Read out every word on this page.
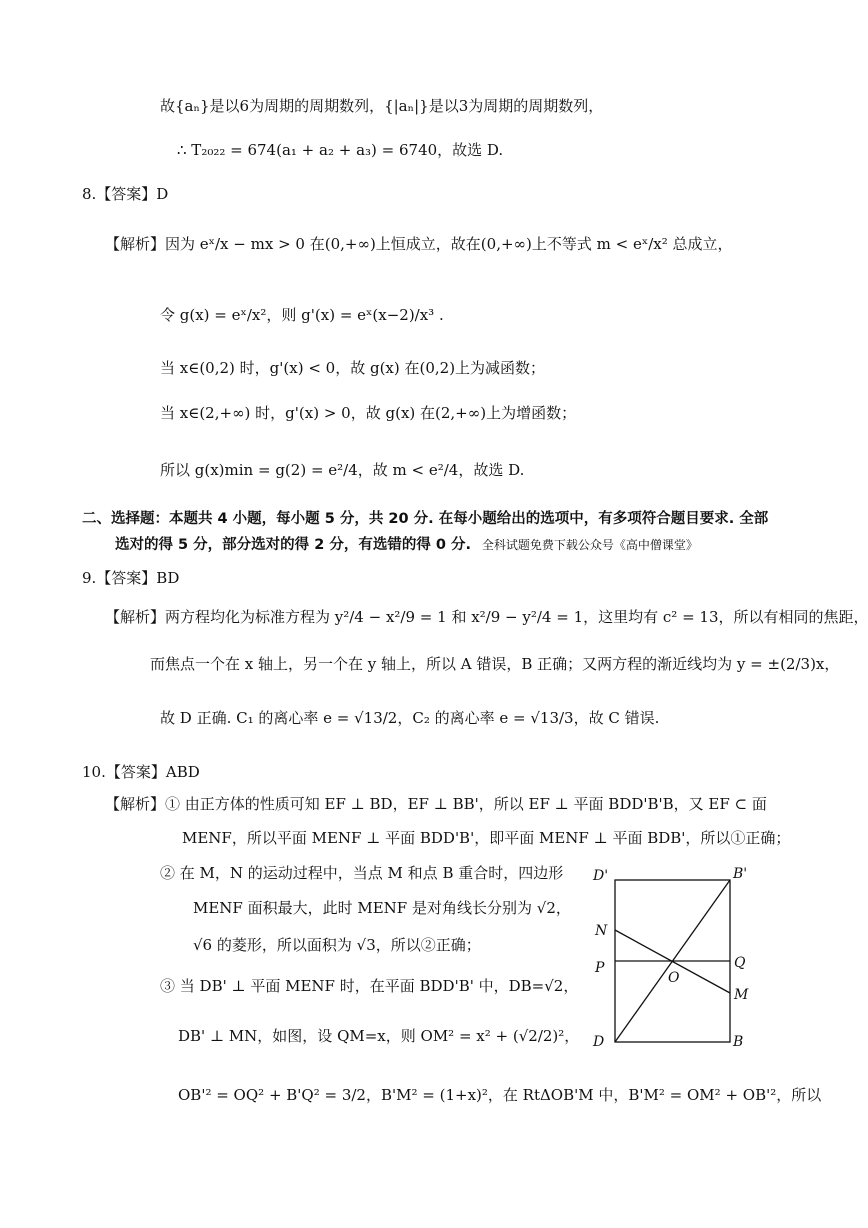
故{aₙ}是以6为周期的周期数列，{|aₙ|}是以3为周期的周期数列，
∴ T₂₀₂₂ = 674(a₁ + a₂ + a₃) = 6740，故选 D.
8.【答案】D
【解析】因为 eˣ/x − mx > 0 在(0,+∞)上恒成立，故在(0,+∞)上不等式 m < eˣ/x² 总成立，
令 g(x) = eˣ/x²，则 g'(x) = eˣ(x−2)/x³ .
当 x∈(0,2) 时，g'(x) < 0，故 g(x) 在(0,2)上为减函数；
当 x∈(2,+∞) 时，g'(x) > 0，故 g(x) 在(2,+∞)上为增函数；
所以 g(x)min = g(2) = e²/4，故 m < e²/4，故选 D.
二、选择题：本题共 4 小题，每小题 5 分，共 20 分. 在每小题给出的选项中，有多项符合题目要求. 全部
选对的得 5 分，部分选对的得 2 分，有选错的得 0 分. 全科试题免费下载公众号《高中僧课堂》
9.【答案】BD
【解析】两方程均化为标准方程为 y²/4 − x²/9 = 1 和 x²/9 − y²/4 = 1，这里均有 c² = 13，所以有相同的焦距，
而焦点一个在 x 轴上，另一个在 y 轴上，所以 A 错误，B 正确；又两方程的渐近线均为 y = ±(2/3)x，
故 D 正确. C₁ 的离心率 e = √13/2，C₂ 的离心率 e = √13/3，故 C 错误.
10.【答案】ABD
【解析】① 由正方体的性质可知 EF ⊥ BD，EF ⊥ BB'，所以 EF ⊥ 平面 BDD'B'B，又 EF ⊂ 面
MENF，所以平面 MENF ⊥ 平面 BDD'B'，即平面 MENF ⊥ 平面 BDB'，所以①正确；
② 在 M，N 的运动过程中，当点 M 和点 B 重合时，四边形
MENF 面积最大，此时 MENF 是对角线长分别为 √2，
√6 的菱形，所以面积为 √3，所以②正确；
③ 当 DB' ⊥ 平面 MENF 时，在平面 BDD'B' 中，DB=√2，
DB' ⊥ MN，如图，设 QM=x，则 OM² = x² + (√2/2)²，
OB'² = OQ² + B'Q² = 3/2，B'M² = (1+x)²，在 RtΔOB'M 中，B'M² = OM² + OB'²，所以
D'	B'
N
P
O
Q
M
D	B
